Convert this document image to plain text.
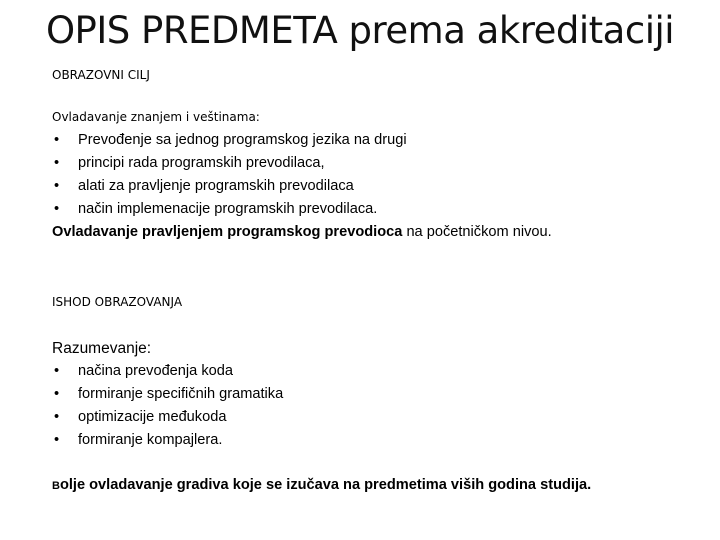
OPIS PREDMETA prema akreditaciji
OBRAZOVNI CILJ
Ovladavanje znanjem i veštinama:
• Prevođenje sa jednog programskog jezika na drugi
• principi rada programskih prevodilaca,
• alati za pravljenje programskih prevodilaca
• način implemenacije programskih prevodilaca.
Ovladavanje pravljenjem programskog prevodioca na početničkom nivou.
ISHOD OBRAZOVANJA
Razumevanje:
• načina prevođenja koda
• formiranje specifičnih gramatika
• optimizacije međukoda
• formiranje kompajlera.
Bolje ovladavanje gradiva koje se izučava na predmetima viših godina studija.
